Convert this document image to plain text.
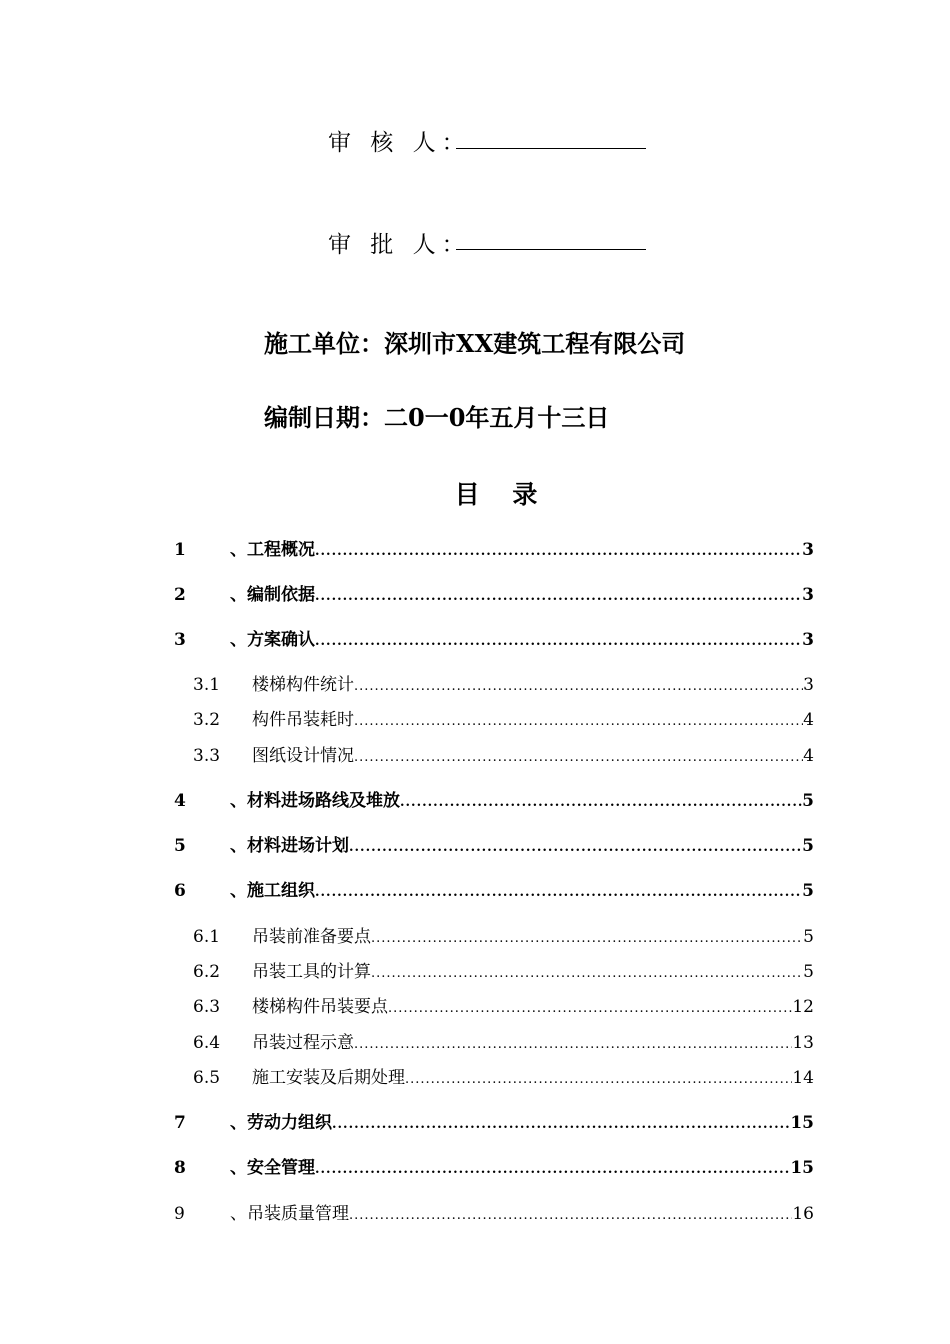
审 核 人：
审 批 人：
施工单位：深圳市XX建筑工程有限公司
编制日期：二0一0年五月十三日
目 录
1	、工程概况 .....	3
2	、编制依据 .....	3
3	、方案确认 .....	3
3.1 楼梯构件统计 .....	3
3.2 构件吊装耗时 .....	4
3.3 图纸设计情况 .....	4
4	、材料进场路线及堆放 .....	5
5	、材料进场计划 .....	5
6	、施工组织 .....	5
6.1 吊装前准备要点 .....	5
6.2 吊装工具的计算 .....	5
6.3 楼梯构件吊装要点 .....	12
6.4 吊装过程示意 .....	13
6.5 施工安装及后期处理 .....	14
7	、劳动力组织 .....	15
8	、安全管理 .....	15
9	、吊装质量管理 .....	16
